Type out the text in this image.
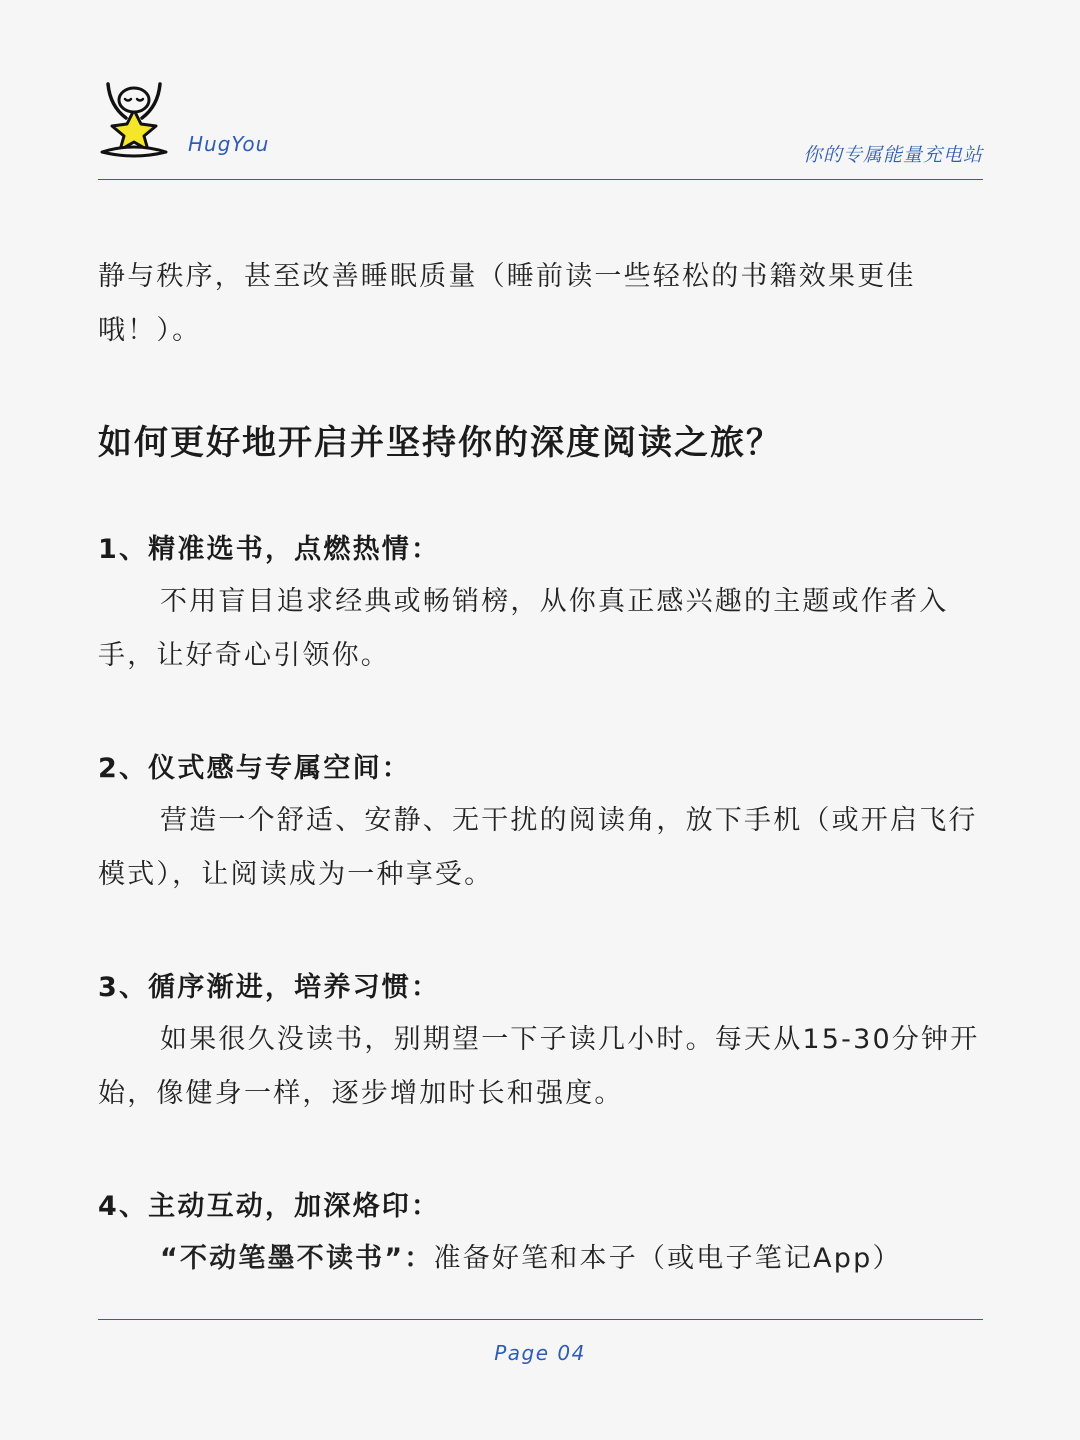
HugYou	你的专属能量充电站

静与秩序，甚至改善睡眠质量（睡前读一些轻松的书籍效果更佳哦！）。

如何更好地开启并坚持你的深度阅读之旅？

1、精准选书，点燃热情：

不用盲目追求经典或畅销榜，从你真正感兴趣的主题或作者入手，让好奇心引领你。

2、仪式感与专属空间：

营造一个舒适、安静、无干扰的阅读角，放下手机（或开启飞行模式），让阅读成为一种享受。

3、循序渐进，培养习惯：

如果很久没读书，别期望一下子读几小时。每天从15-30分钟开始，像健身一样，逐步增加时长和强度。

4、主动互动，加深烙印：

“不动笔墨不读书”：准备好笔和本子（或电子笔记App）

Page 04
